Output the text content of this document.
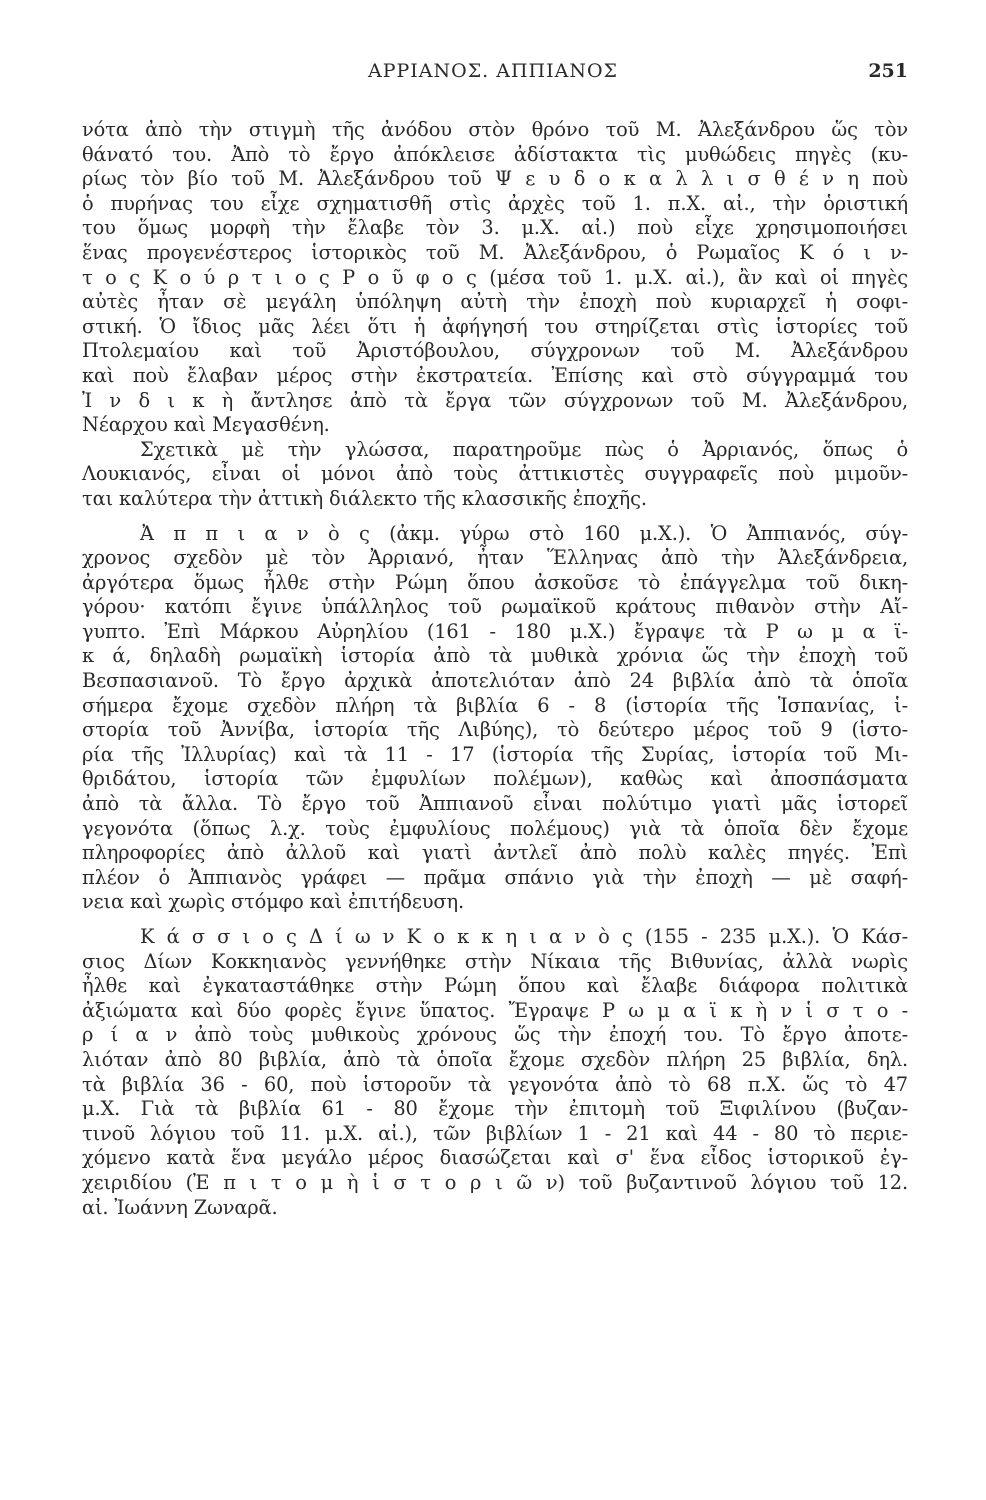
ΑΡΡΙΑΝΟΣ. ΑΠΠΙΑΝΟΣ	251
νότα ἀπὸ τὴν στιγμὴ τῆς ἀνόδου στὸν θρόνο τοῦ Μ. Ἀλεξάνδρου ὥς τὸν
θάνατό του. Ἀπὸ τὸ ἔργο ἀπόκλεισε ἀδίστακτα τὶς μυθώδεις πηγὲς (κυ-
ρίως τὸν βίο τοῦ Μ. Ἀλεξάνδρου τοῦ Ψ ε υ δ ο κ α λ λ ι σ θ έ ν η ποὺ
ὁ πυρήνας του εἶχε σχηματισθῆ στὶς ἀρχὲς τοῦ 1. π.Χ. αἰ., τὴν ὁριστική
του ὅμως μορφὴ τὴν ἔλαβε τὸν 3. μ.Χ. αἰ.) ποὺ εἶχε χρησιμοποιήσει
ἕνας προγενέστερος ἱστορικὸς τοῦ Μ. Ἀλεξάνδρου, ὁ Ρωμαῖος Κ ό ι ν-
τ ο ς Κ ο ύ ρ τ ι ο ς Ρ ο ῦ φ ο ς (μέσα τοῦ 1. μ.Χ. αἰ.), ἂν καὶ οἱ πηγὲς
αὐτὲς ἦταν σὲ μεγάλη ὑπόληψη αὐτὴ τὴν ἐποχὴ ποὺ κυριαρχεῖ ἡ σοφι-
στική. Ὁ ἴδιος μᾶς λέει ὅτι ἡ ἀφήγησή του στηρίζεται στὶς ἱστορίες τοῦ
Πτολεμαίου καὶ τοῦ Ἀριστόβουλου, σύγχρονων τοῦ Μ. Ἀλεξάνδρου
καὶ ποὺ ἔλαβαν μέρος στὴν ἐκστρατεία. Ἐπίσης καὶ στὸ σύγγραμμά του
Ἰ ν δ ι κ ὴ ἄντλησε ἀπὸ τὰ ἔργα τῶν σύγχρονων τοῦ Μ. Ἀλεξάνδρου,
Νέαρχου καὶ Μεγασθένη.
Σχετικὰ μὲ τὴν γλώσσα, παρατηροῦμε πὼς ὁ Ἀρριανός, ὅπως ὁ
Λουκιανός, εἶναι οἱ μόνοι ἀπὸ τοὺς ἀττικιστὲς συγγραφεῖς ποὺ μιμοῦν-
ται καλύτερα τὴν ἀττικὴ διάλεκτο τῆς κλασσικῆς ἐποχῆς.
Ἀ π π ι α ν ὸ ς (ἀκμ. γύρω στὸ 160 μ.Χ.). Ὁ Ἀππιανός, σύγ-
χρονος σχεδὸν μὲ τὸν Ἀρριανό, ἦταν Ἕλληνας ἀπὸ τὴν Ἀλεξάνδρεια,
ἀργότερα ὅμως ἦλθε στὴν Ρώμη ὅπου ἀσκοῦσε τὸ ἐπάγγελμα τοῦ δικη-
γόρου· κατόπι ἔγινε ὑπάλληλος τοῦ ρωμαϊκοῦ κράτους πιθανὸν στὴν Αἴ-
γυπτο. Ἐπὶ Μάρκου Αὐρηλίου (161 - 180 μ.Χ.) ἔγραψε τὰ Ρ ω μ α ϊ-
κ ά, δηλαδὴ ρωμαϊκὴ ἱστορία ἀπὸ τὰ μυθικὰ χρόνια ὥς τὴν ἐποχὴ τοῦ
Βεσπασιανοῦ. Τὸ ἔργο ἀρχικὰ ἀποτελιόταν ἀπὸ 24 βιβλία ἀπὸ τὰ ὁποῖα
σήμερα ἔχομε σχεδὸν πλήρη τὰ βιβλία 6 - 8 (ἱστορία τῆς Ἱσπανίας, ἱ-
στορία τοῦ Ἀννίβα, ἱστορία τῆς Λιβύης), τὸ δεύτερο μέρος τοῦ 9 (ἱστο-
ρία τῆς Ἰλλυρίας) καὶ τὰ 11 - 17 (ἱστορία τῆς Συρίας, ἱστορία τοῦ Μι-
θριδάτου, ἱστορία τῶν ἐμφυλίων πολέμων), καθὼς καὶ ἀποσπάσματα
ἀπὸ τὰ ἄλλα. Τὸ ἔργο τοῦ Ἀππιανοῦ εἶναι πολύτιμο γιατὶ μᾶς ἱστορεῖ
γεγονότα (ὅπως λ.χ. τοὺς ἐμφυλίους πολέμους) γιὰ τὰ ὁποῖα δὲν ἔχομε
πληροφορίες ἀπὸ ἀλλοῦ καὶ γιατὶ ἀντλεῖ ἀπὸ πολὺ καλὲς πηγές. Ἐπὶ
πλέον ὁ Ἀππιανὸς γράφει — πρᾶμα σπάνιο γιὰ τὴν ἐποχὴ — μὲ σαφή-
νεια καὶ χωρὶς στόμφο καὶ ἐπιτήδευση.
Κ ά σ σ ι ο ς Δ ί ω ν Κ ο κ κ η ι α ν ὸ ς (155 - 235 μ.Χ.). Ὁ Κάσ-
σιος Δίων Κοκκηιανὸς γεννήθηκε στὴν Νίκαια τῆς Βιθυνίας, ἀλλὰ νωρὶς
ἦλθε καὶ ἐγκαταστάθηκε στὴν Ρώμη ὅπου καὶ ἔλαβε διάφορα πολιτικὰ
ἀξιώματα καὶ δύο φορὲς ἔγινε ὕπατος. Ἔγραψε Ρ ω μ α ϊ κ ὴ ν ἱ σ τ ο -
ρ ί α ν ἀπὸ τοὺς μυθικοὺς χρόνους ὥς τὴν ἐποχή του. Τὸ ἔργο ἀποτε-
λιόταν ἀπὸ 80 βιβλία, ἀπὸ τὰ ὁποῖα ἔχομε σχεδὸν πλήρη 25 βιβλία, δηλ.
τὰ βιβλία 36 - 60, ποὺ ἱστοροῦν τὰ γεγονότα ἀπὸ τὸ 68 π.Χ. ὥς τὸ 47
μ.Χ. Γιὰ τὰ βιβλία 61 - 80 ἔχομε τὴν ἐπιτομὴ τοῦ Ξιφιλίνου (βυζαν-
τινοῦ λόγιου τοῦ 11. μ.Χ. αἰ.), τῶν βιβλίων 1 - 21 καὶ 44 - 80 τὸ περιε-
χόμενο κατὰ ἕνα μεγάλο μέρος διασώζεται καὶ σ' ἕνα εἶδος ἱστορικοῦ ἐγ-
χειριδίου (Ἐ π ι τ ο μ ὴ ἱ σ τ ο ρ ι ῶ ν) τοῦ βυζαντινοῦ λόγιου τοῦ 12.
αἰ. Ἰωάννη Ζωναρᾶ.
